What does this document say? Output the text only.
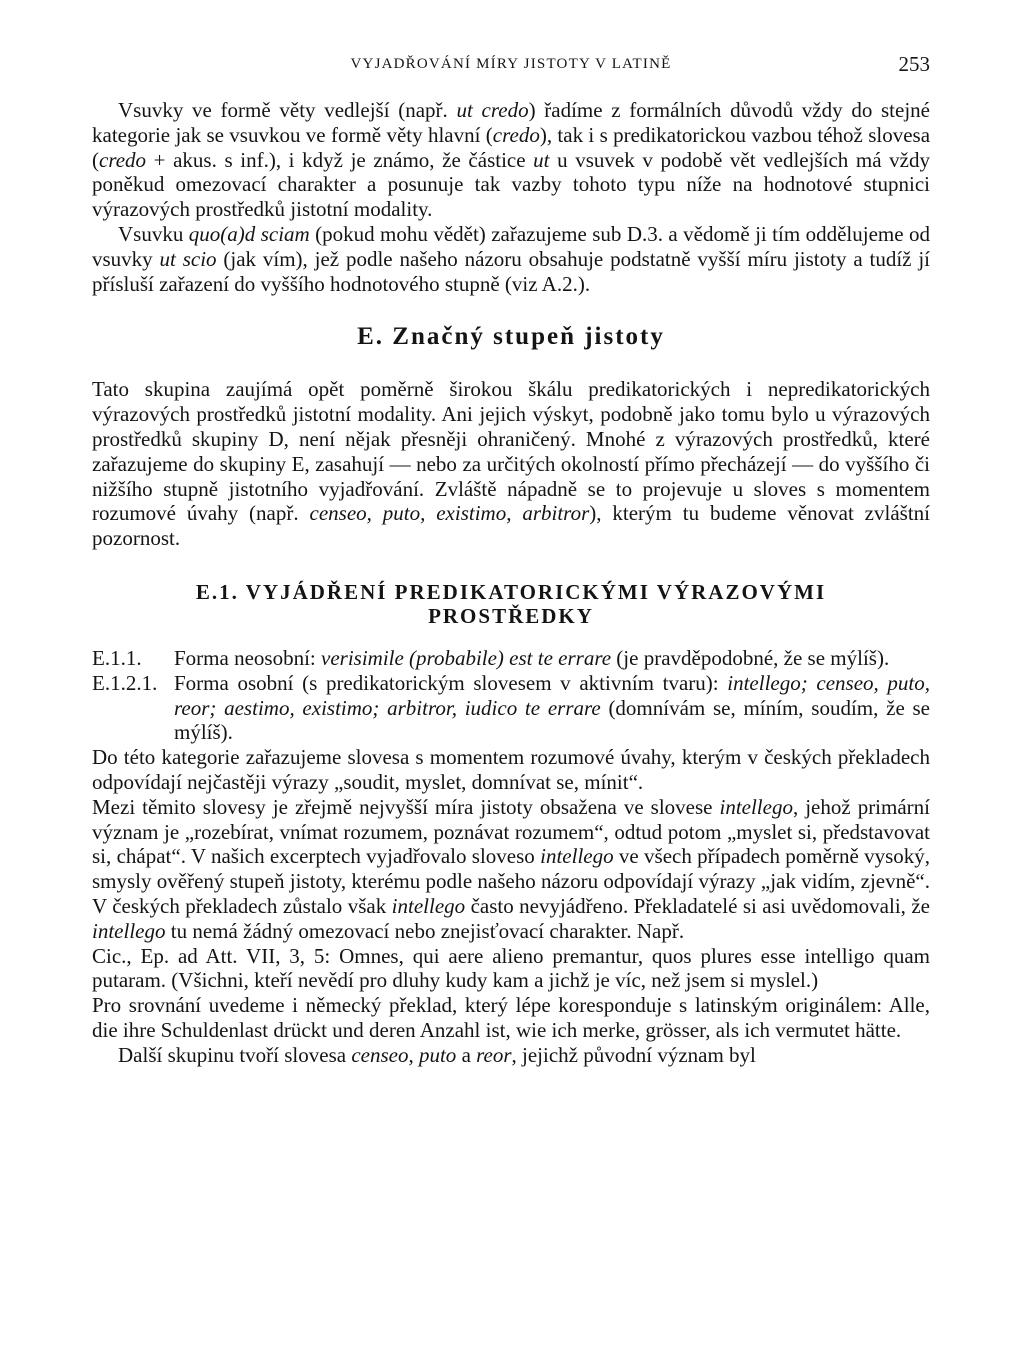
VYJADŘOVÁNÍ MÍRY JISTOTY V LATINĚ	253

Vsuvky ve formě věty vedlejší (např. ut credo) řadíme z formálních důvodů vždy do stejné kategorie jak se vsuvkou ve formě věty hlavní (credo), tak i s predikatorickou vazbou téhož slovesa (credo + akus. s inf.), i když je známo, že částice ut u vsuvek v podobě vět vedlejších má vždy poněkud omezovací charakter a posunuje tak vazby tohoto typu níže na hodnotové stupnici výrazových prostředků jistotní modality.

Vsuvku quo(a)d sciam (pokud mohu vědět) zařazujeme sub D.3. a vědomě ji tím oddělujeme od vsuvky ut scio (jak vím), jež podle našeho názoru obsahuje podstatně vyšší míru jistoty a tudíž jí přísluší zařazení do vyššího hodnotového stupně (viz A.2.).

E. Značný stupeň jistoty

Tato skupina zaujímá opět poměrně širokou škálu predikatorických i nepredikatorických výrazových prostředků jistotní modality. Ani jejich výskyt, podobně jako tomu bylo u výrazových prostředků skupiny D, není nějak přesněji ohraničený. Mnohé z výrazových prostředků, které zařazujeme do skupiny E, zasahují — nebo za určitých okolností přímo přecházejí — do vyššího či nižšího stupně jistotního vyjadřování. Zvláště nápadně se to projevuje u sloves s momentem rozumové úvahy (např. censeo, puto, existimo, arbitror), kterým tu budeme věnovat zvláštní pozornost.

E.1. VYJÁDŘENÍ PREDIKATORICKÝMI VÝRAZOVÝMI
PROSTŘEDKY
E.1.1.	Forma neosobní: verisimile (probabile) est te errare (je pravděpodobné, že se mýlíš).
E.1.2.1. Forma osobní (s predikatorickým slovesem v aktivním tvaru): intellego; censeo, puto, reor; aestimo, existimo; arbitror, iudico te errare (domnívám se, míním, soudím, že se mýlíš).

Do této kategorie zařazujeme slovesa s momentem rozumové úvahy, kterým v českých překladech odpovídají nejčastěji výrazy „soudit, myslet, domnívat se, mínit“.

Mezi těmito slovesy je zřejmě nejvyšší míra jistoty obsažena ve slovese intellego, jehož primární význam je „rozebírat, vnímat rozumem, poznávat rozumem“, odtud potom „myslet si, představovat si, chápat“. V našich excerptech vyjadřovalo sloveso intellego ve všech případech poměrně vysoký, smysly ověřený stupeň jistoty, kterému podle našeho názoru odpovídají výrazy „jak vidím, zjevně“. V českých překladech zůstalo však intellego často nevyjádřeno. Překladatelé si asi uvědomovali, že intellego tu nemá žádný omezovací nebo znejisťovací charakter. Např.

Cic., Ep. ad Att. VII, 3, 5: Omnes, qui aere alieno premantur, quos plures esse intelligo quam putaram. (Všichni, kteří nevědí pro dluhy kudy kam a jichž je víc, než jsem si myslel.)

Pro srovnání uvedeme i německý překlad, který lépe koresponduje s latinským originálem: Alle, die ihre Schuldenlast drückt und deren Anzahl ist, wie ich merke, grösser, als ich vermutet hätte.

Další skupinu tvoří slovesa censeo, puto a reor, jejichž původní význam byl
